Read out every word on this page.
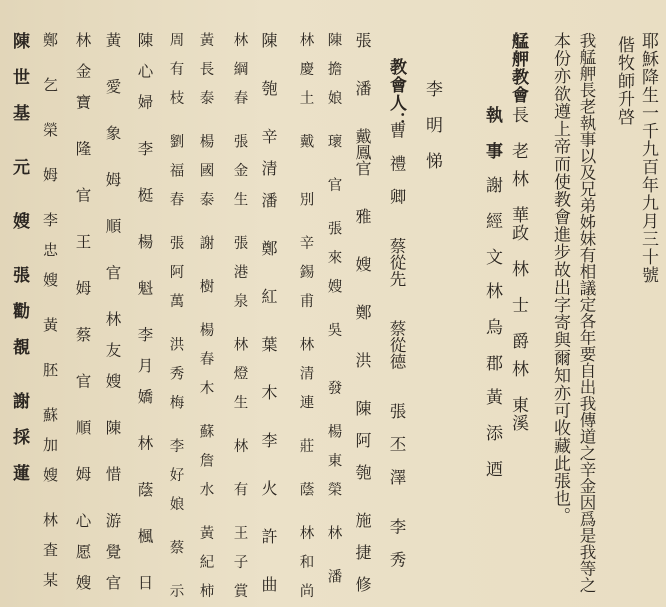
耶穌降生一千九百年九月三十號
偕牧師升啓
我艋舺長老執事以及兄弟姊妹有相議定各年要自出我傳道之辛金因爲是我等之
本份亦欲遵上帝而使教會進步故出字寄與爾知亦可收藏此張也。
艋舺教會
長　老
林　華政
林　士　爵
林　東溪
執　事
謝　經　文
林　烏　郡
黃　添　迺
李　明　悌
教會人：
曹　禮　卿　　蔡從先　　蔡從德　　張　丕　澤　　李　秀
張　　潘　　戴鳳官　　雅　　嫂　　鄭　　洪　　陳　阿　匏　　施　捷　修
陳　擔　娘　　瓌　　官　　張　來　嫂　　吳　　　發　　楊　東　榮　　林　　潘
林　慶　土　　戴　　　別　　辛　錫　甫　　林　清　連　　莊　　蔭　　林　和　尚
陳　　匏　　辛　清　潘　　鄭　　紅　　葉　　木　　李　　火　　許　　曲
林　綱　春　　張　金　生　　張　港　泉　　林　燈　生　　林　　有　　王　子　賞
黃　長　泰　　楊　國　泰　　謝　　樹　　楊　春　木　　蘇　詹　水　　黃　紀　柿
周　有　枝　　劉　福　春　　張　阿　萬　　洪　秀　梅　　李　好　娘　　蔡　　示
陳　心　婦　　李　　梃　　楊　　魁　　李　月　嬌　　林　　蔭　　楓　　日
黃　　愛　　象　　姆　　順　　官　　林　友　嫂　　陳　　惜　　游　覺　官
林　金　寶　　隆　　官　　王　　姆　　蔡　　官　　順　　姆　　心　愿　嫂
鄭　　乞　　榮　　姆　　李　忠　嫂　　黃　　胚　　蘇　加　嫂　　林　査　某
陳　世　基　　元　　嫂　　張　勸　覩　　謝　採　蓮
